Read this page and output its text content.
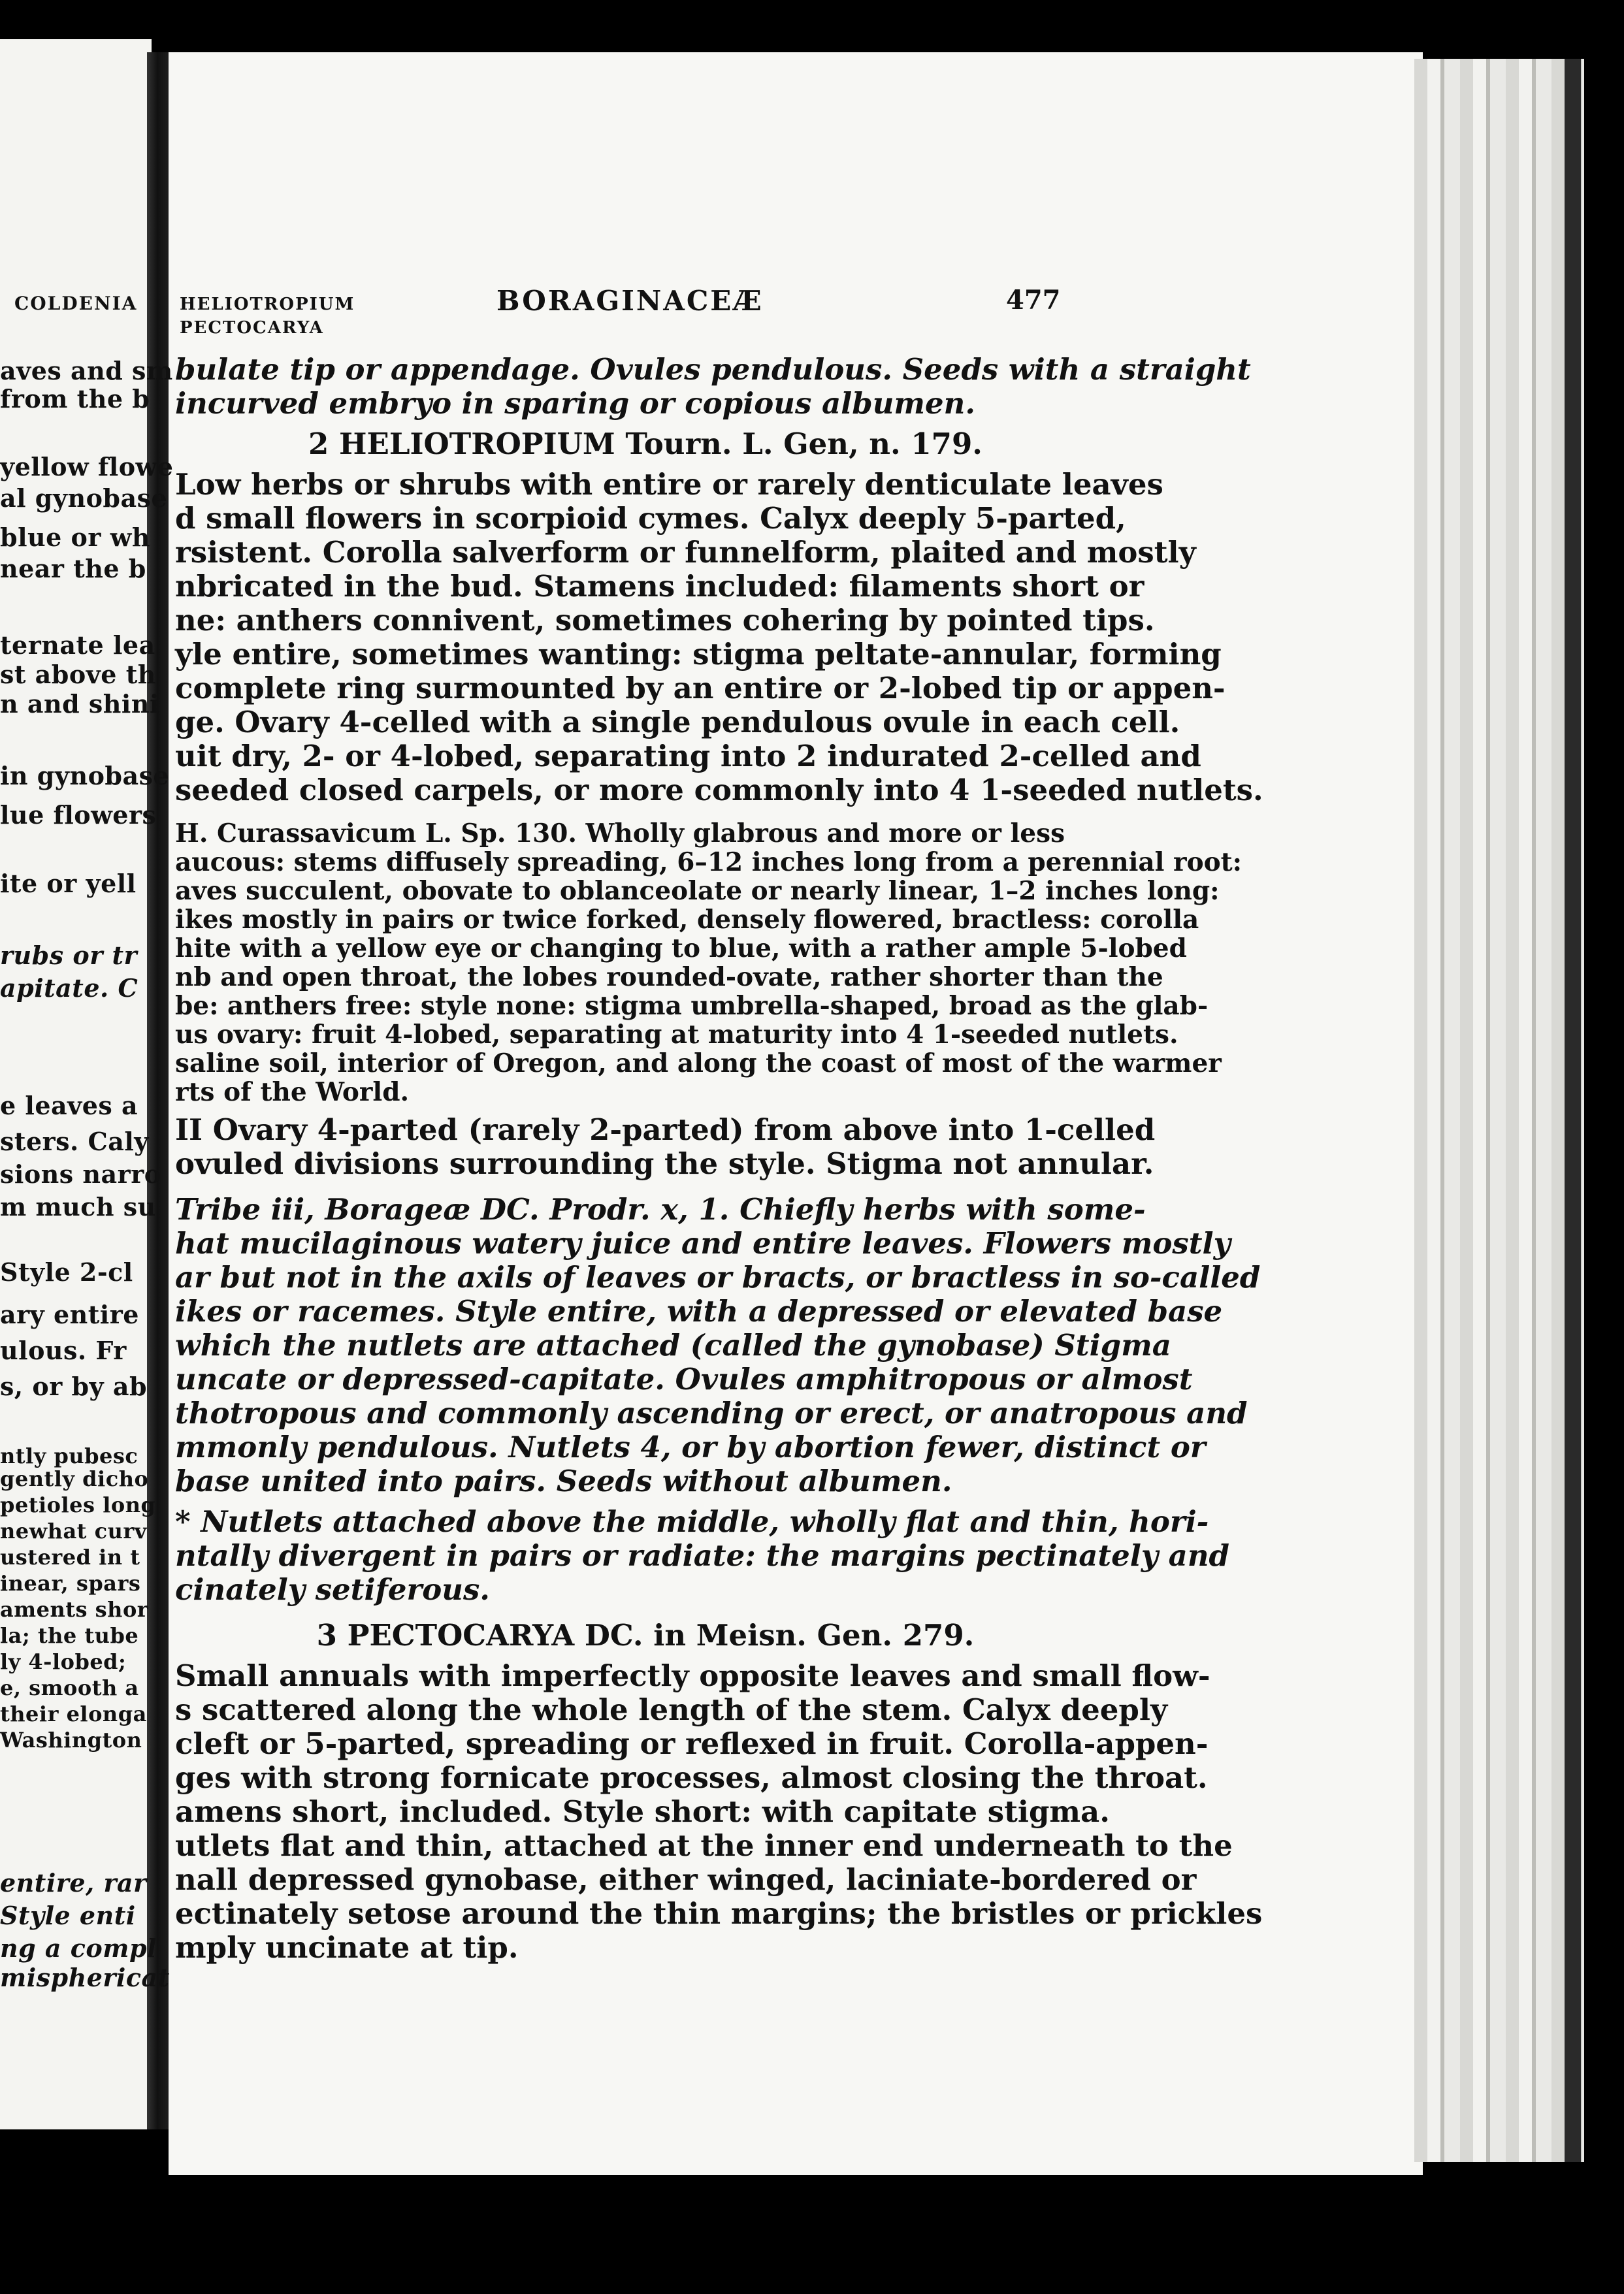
COLDENIA
aves and sm
from the b
yellow flowe
al gynobase
blue or wh
near the b
ternate lea
st above th
n and shini
in gynobase
lue flowers
ite or yell
rubs or tr
apitate. C
e leaves a
sters. Caly
sions narro
m much su
Style 2-cl
ary entire
ulous. Fr
s, or by ab
ntly pubesc
gently dicho
petioles long
newhat curv
ustered in t
inear, spars
aments shor
la; the tube
ly 4-lobed;
e, smooth a
their elonga
Washington
entire, rar
Style enti
ng a compl
misphericat
HELIOTROPIUM
PECTOCARYA
BORAGINACEÆ	477
bulate tip or appendage. Ovules pendulous. Seeds with a straight
incurved embryo in sparing or copious albumen.
2 HELIOTROPIUM Tourn. L. Gen, n. 179.
Low herbs or shrubs with entire or rarely denticulate leaves
d small flowers in scorpioid cymes. Calyx deeply 5-parted,
rsistent. Corolla salverform or funnelform, plaited and mostly
nbricated in the bud. Stamens included: filaments short or
ne: anthers connivent, sometimes cohering by pointed tips.
yle entire, sometimes wanting: stigma peltate-annular, forming
complete ring surmounted by an entire or 2-lobed tip or appen-
ge. Ovary 4-celled with a single pendulous ovule in each cell.
uit dry, 2- or 4-lobed, separating into 2 indurated 2-celled and
seeded closed carpels, or more commonly into 4 1-seeded nutlets.
H. Curassavicum L. Sp. 130. Wholly glabrous and more or less
aucous: stems diffusely spreading, 6–12 inches long from a perennial root:
aves succulent, obovate to oblanceolate or nearly linear, 1–2 inches long:
ikes mostly in pairs or twice forked, densely flowered, bractless: corolla
hite with a yellow eye or changing to blue, with a rather ample 5-lobed
nb and open throat, the lobes rounded-ovate, rather shorter than the
be: anthers free: style none: stigma umbrella-shaped, broad as the glab-
us ovary: fruit 4-lobed, separating at maturity into 4 1-seeded nutlets.
saline soil, interior of Oregon, and along the coast of most of the warmer
rts of the World.
II Ovary 4-parted (rarely 2-parted) from above into 1-celled
ovuled divisions surrounding the style. Stigma not annular.
Tribe iii, Borageæ DC. Prodr. x, 1. Chiefly herbs with some-
hat mucilaginous watery juice and entire leaves. Flowers mostly
ar but not in the axils of leaves or bracts, or bractless in so-called
ikes or racemes. Style entire, with a depressed or elevated base
which the nutlets are attached (called the gynobase) Stigma
uncate or depressed-capitate. Ovules amphitropous or almost
thotropous and commonly ascending or erect, or anatropous and
mmonly pendulous. Nutlets 4, or by abortion fewer, distinct or
base united into pairs. Seeds without albumen.
* Nutlets attached above the middle, wholly flat and thin, hori-
ntally divergent in pairs or radiate: the margins pectinately and
cinately setiferous.
3 PECTOCARYA DC. in Meisn. Gen. 279.
Small annuals with imperfectly opposite leaves and small flow-
s scattered along the whole length of the stem. Calyx deeply
cleft or 5-parted, spreading or reflexed in fruit. Corolla-appen-
ges with strong fornicate processes, almost closing the throat.
amens short, included. Style short: with capitate stigma.
utlets flat and thin, attached at the inner end underneath to the
nall depressed gynobase, either winged, laciniate-bordered or
ectinately setose around the thin margins; the bristles or prickles
mply uncinate at tip.
